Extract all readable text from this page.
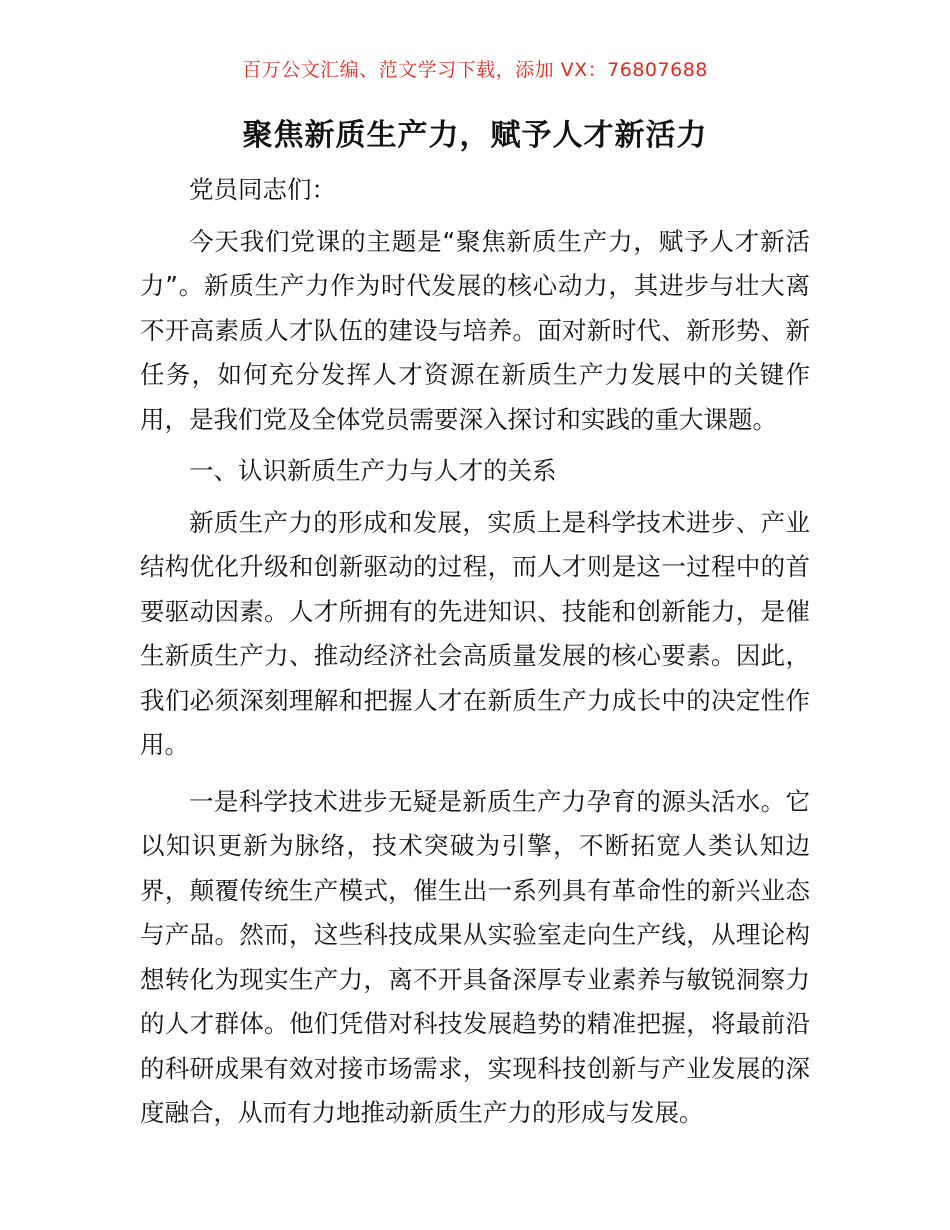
百万公文汇编、范文学习下载，添加 VX：76807688
聚焦新质生产力，赋予人才新活力

党员同志们：

今天我们党课的主题是“聚焦新质生产力，赋予人才新活力”。新质生产力作为时代发展的核心动力，其进步与壮大离不开高素质人才队伍的建设与培养。面对新时代、新形势、新任务，如何充分发挥人才资源在新质生产力发展中的关键作用，是我们党及全体党员需要深入探讨和实践的重大课题。

一、认识新质生产力与人才的关系

新质生产力的形成和发展，实质上是科学技术进步、产业结构优化升级和创新驱动的过程，而人才则是这一过程中的首要驱动因素。人才所拥有的先进知识、技能和创新能力，是催生新质生产力、推动经济社会高质量发展的核心要素。因此，我们必须深刻理解和把握人才在新质生产力成长中的决定性作用。

一是科学技术进步无疑是新质生产力孕育的源头活水。它以知识更新为脉络，技术突破为引擎，不断拓宽人类认知边界，颠覆传统生产模式，催生出一系列具有革命性的新兴业态与产品。然而，这些科技成果从实验室走向生产线，从理论构想转化为现实生产力，离不开具备深厚专业素养与敏锐洞察力的人才群体。他们凭借对科技发展趋势的精准把握，将最前沿的科研成果有效对接市场需求，实现科技创新与产业发展的深度融合，从而有力地推动新质生产力的形成与发展。
